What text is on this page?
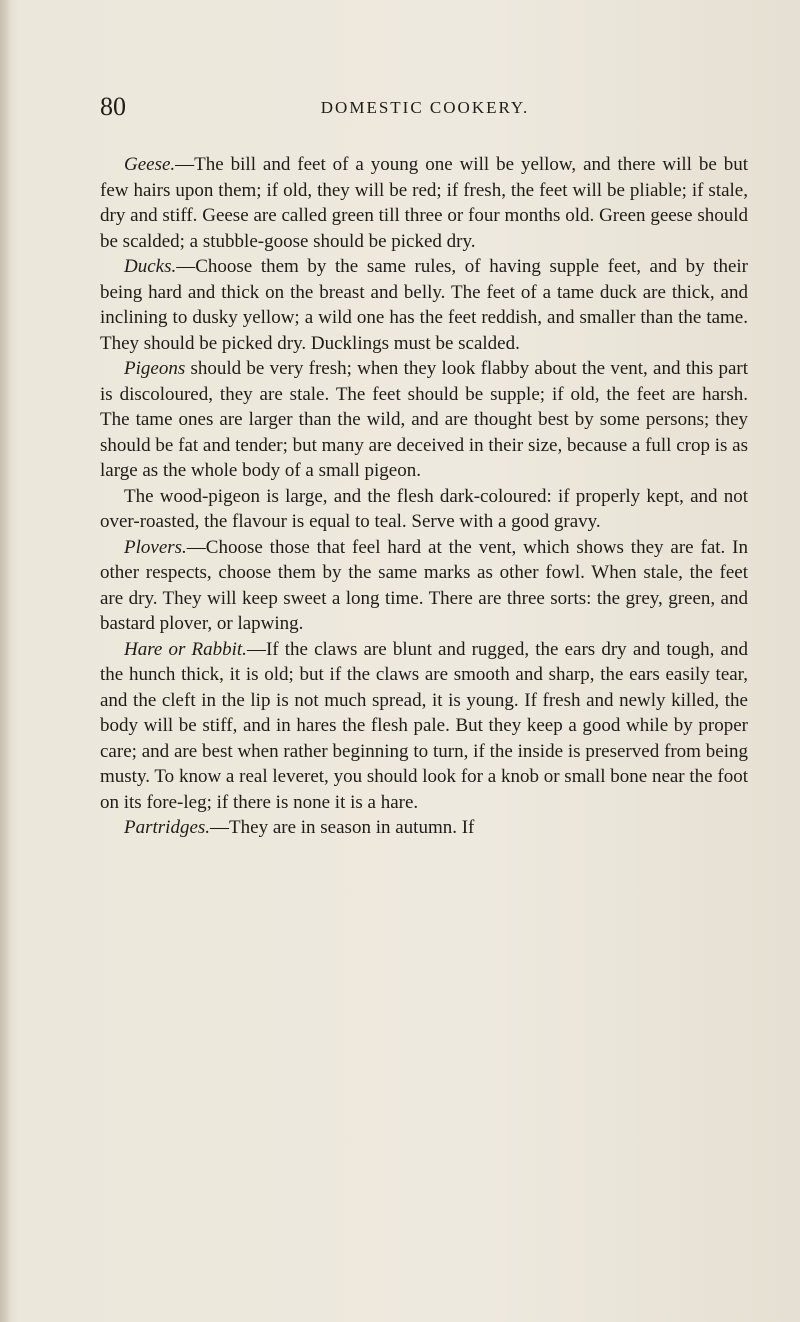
80	DOMESTIC COOKERY.

Geese.—The bill and feet of a young one will be yellow, and there will be but few hairs upon them; if old, they will be red; if fresh, the feet will be pliable; if stale, dry and stiff. Geese are called green till three or four months old. Green geese should be scalded; a stubble-goose should be picked dry.

Ducks.—Choose them by the same rules, of having supple feet, and by their being hard and thick on the breast and belly. The feet of a tame duck are thick, and inclining to dusky yellow; a wild one has the feet reddish, and smaller than the tame. They should be picked dry. Ducklings must be scalded.

Pigeons should be very fresh; when they look flabby about the vent, and this part is discoloured, they are stale. The feet should be supple; if old, the feet are harsh. The tame ones are larger than the wild, and are thought best by some persons; they should be fat and tender; but many are deceived in their size, because a full crop is as large as the whole body of a small pigeon.

The wood-pigeon is large, and the flesh dark-coloured: if properly kept, and not over-roasted, the flavour is equal to teal. Serve with a good gravy.

Plovers.—Choose those that feel hard at the vent, which shows they are fat. In other respects, choose them by the same marks as other fowl. When stale, the feet are dry. They will keep sweet a long time. There are three sorts: the grey, green, and bastard plover, or lapwing.

Hare or Rabbit.—If the claws are blunt and rugged, the ears dry and tough, and the hunch thick, it is old; but if the claws are smooth and sharp, the ears easily tear, and the cleft in the lip is not much spread, it is young. If fresh and newly killed, the body will be stiff, and in hares the flesh pale. But they keep a good while by proper care; and are best when rather beginning to turn, if the inside is preserved from being musty. To know a real leveret, you should look for a knob or small bone near the foot on its fore-leg; if there is none it is a hare.

Partridges.—They are in season in autumn. If
